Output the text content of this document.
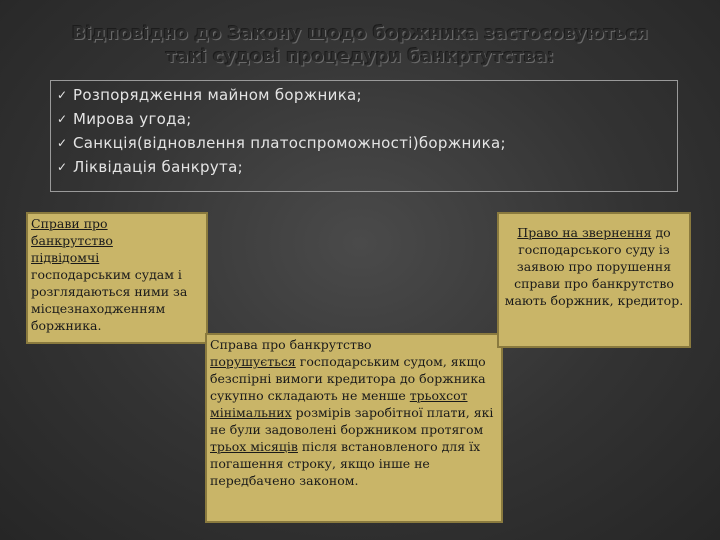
Відповідно до Закону щодо боржника застосовуються
такі судові процедури банкртутства:
✓ Розпорядження майном боржника;
✓ Мирова угода;
✓ Санкція(відновлення платоспроможності)боржника;
✓ Ліквідація банкрута;
Справи про
банкрутство
підвідомчі господарським судам і розглядаються ними за місцезнаходженням боржника.
Справа про банкрутство
порушується господарським судом, якщо безспірні вимоги кредитора до боржника сукупно складають не менше трьохсот мінімальних розмірів заробітної плати, які не були задоволені боржником протягом трьох місяців після встановленого для їх погашення строку, якщо інше не передбачено законом.
Право на звернення до господарського суду із заявою про порушення справи про банкрутство мають боржник, кредитор.
